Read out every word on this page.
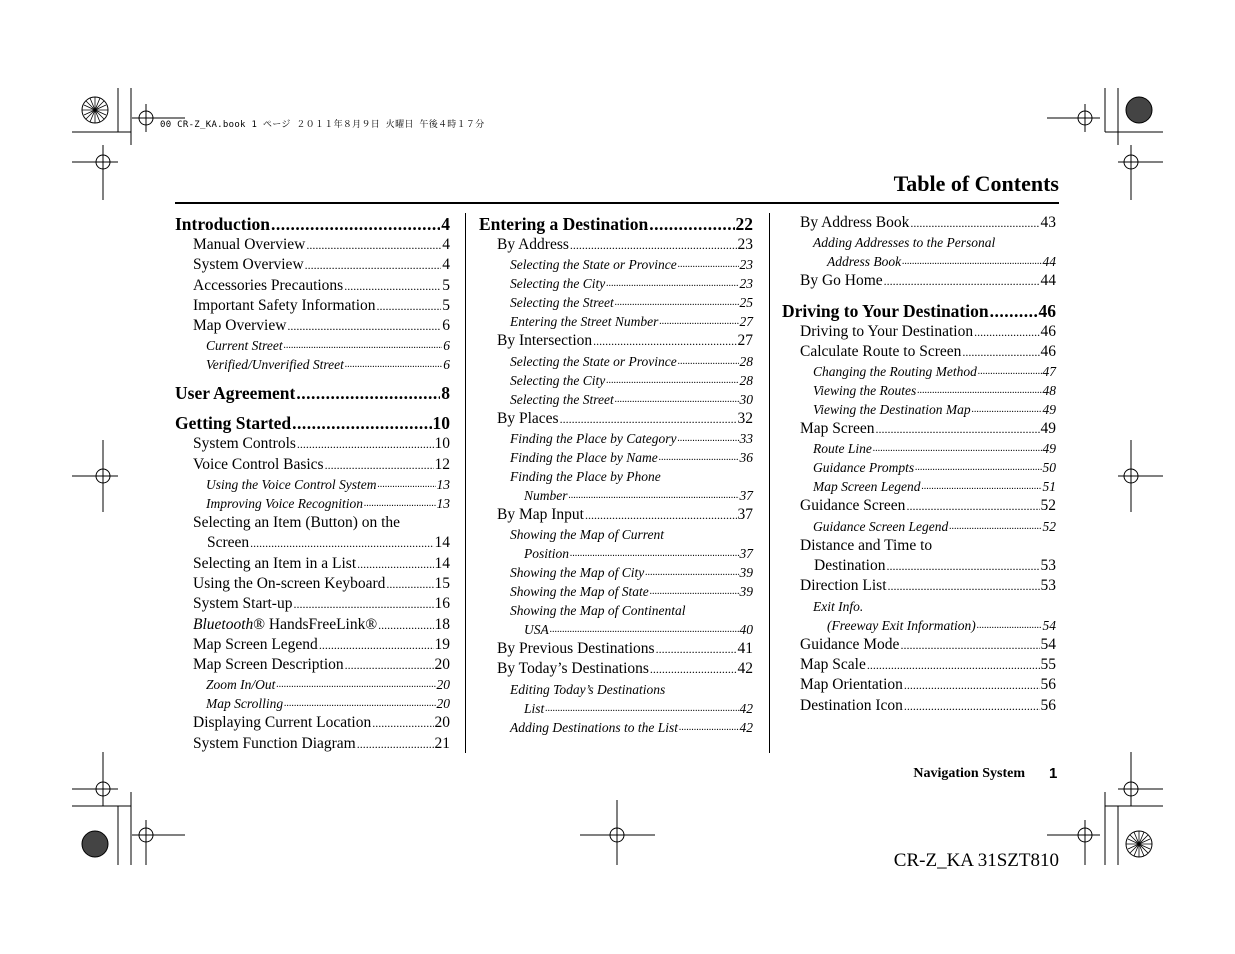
00 CR-Z_KA.book 1 ページ ２０１１年８月９日 火曜日 午後４時１７分
Table of Contents
Introduction .....	4
Manual Overview .....	4
System Overview .....	4
Accessories Precautions .....	5
Important Safety Information .....	5
Map Overview .....	6
Current Street .....	6
Verified/Unverified Street .....	6
User Agreement .....	8
Getting Started .....	10
System Controls .....	10
Voice Control Basics .....	12
Using the Voice Control System .....	13
Improving Voice Recognition .....	13
Selecting an Item (Button) on the
Screen .....	14
Selecting an Item in a List .....	14
Using the On-screen Keyboard .....	15
System Start-up .....	16
Bluetooth® HandsFreeLink® .....	18
Map Screen Legend .....	19
Map Screen Description .....	20
Zoom In/Out .....	20
Map Scrolling .....	20
Displaying Current Location .....	20
System Function Diagram .....	21
Entering a Destination .....	22
By Address .....	23
Selecting the State or Province .....	23
Selecting the City .....	23
Selecting the Street .....	25
Entering the Street Number .....	27
By Intersection .....	27
Selecting the State or Province .....	28
Selecting the City .....	28
Selecting the Street .....	30
By Places .....	32
Finding the Place by Category .....	33
Finding the Place by Name .....	36
Finding the Place by Phone
Number .....	37
By Map Input .....	37
Showing the Map of Current
Position .....	37
Showing the Map of City .....	39
Showing the Map of State .....	39
Showing the Map of Continental
USA .....	40
By Previous Destinations .....	41
By Today’s Destinations .....	42
Editing Today’s Destinations
List .....	42
Adding Destinations to the List .....	42
By Address Book .....	43
Adding Addresses to the Personal
Address Book .....	44
By Go Home .....	44
Driving to Your Destination .....	46
Driving to Your Destination .....	46
Calculate Route to Screen .....	46
Changing the Routing Method .....	47
Viewing the Routes .....	48
Viewing the Destination Map .....	49
Map Screen .....	49
Route Line .....	49
Guidance Prompts .....	50
Map Screen Legend .....	51
Guidance Screen .....	52
Guidance Screen Legend .....	52
Distance and Time to
Destination .....	53
Direction List .....	53
Exit Info.
(Freeway Exit Information) .....	54
Guidance Mode .....	54
Map Scale .....	55
Map Orientation .....	56
Destination Icon .....	56
Navigation System 1
CR-Z_KA 31SZT810
